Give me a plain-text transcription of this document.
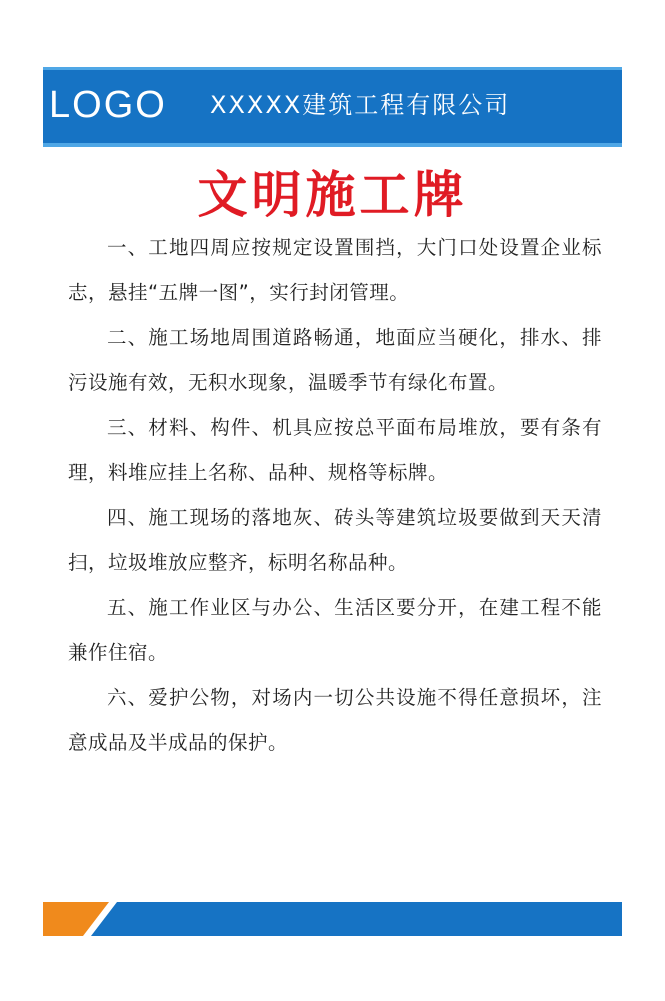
LOGO XXXXX建筑工程有限公司
文明施工牌

一、工地四周应按规定设置围挡，大门口处设置企业标志，悬挂“五牌一图”，实行封闭管理。

二、施工场地周围道路畅通，地面应当硬化，排水、排污设施有效，无积水现象，温暖季节有绿化布置。

三、材料、构件、机具应按总平面布局堆放，要有条有理，料堆应挂上名称、品种、规格等标牌。

四、施工现场的落地灰、砖头等建筑垃圾要做到天天清扫，垃圾堆放应整齐，标明名称品种。

五、施工作业区与办公、生活区要分开，在建工程不能兼作住宿。

六、爱护公物，对场内一切公共设施不得任意损坏，注意成品及半成品的保护。
